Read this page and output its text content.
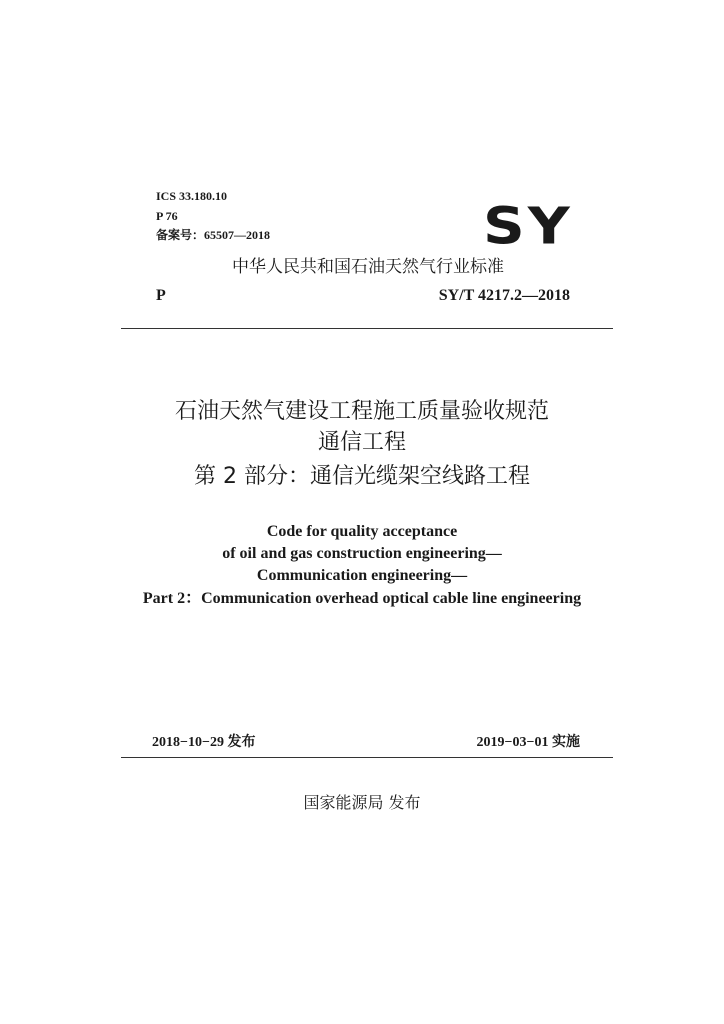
ICS 33.180.10
P 76
备案号：65507—2018	SY
中华人民共和国石油天然气行业标准
P	SY/T 4217.2—2018
石油天然气建设工程施工质量验收规范
通信工程
第 2 部分：通信光缆架空线路工程
Code for quality acceptance
of oil and gas construction engineering—
Communication engineering—
Part 2：Communication overhead optical cable line engineering
2018−10−29 发布	2019−03−01 实施
国家能源局 发布
